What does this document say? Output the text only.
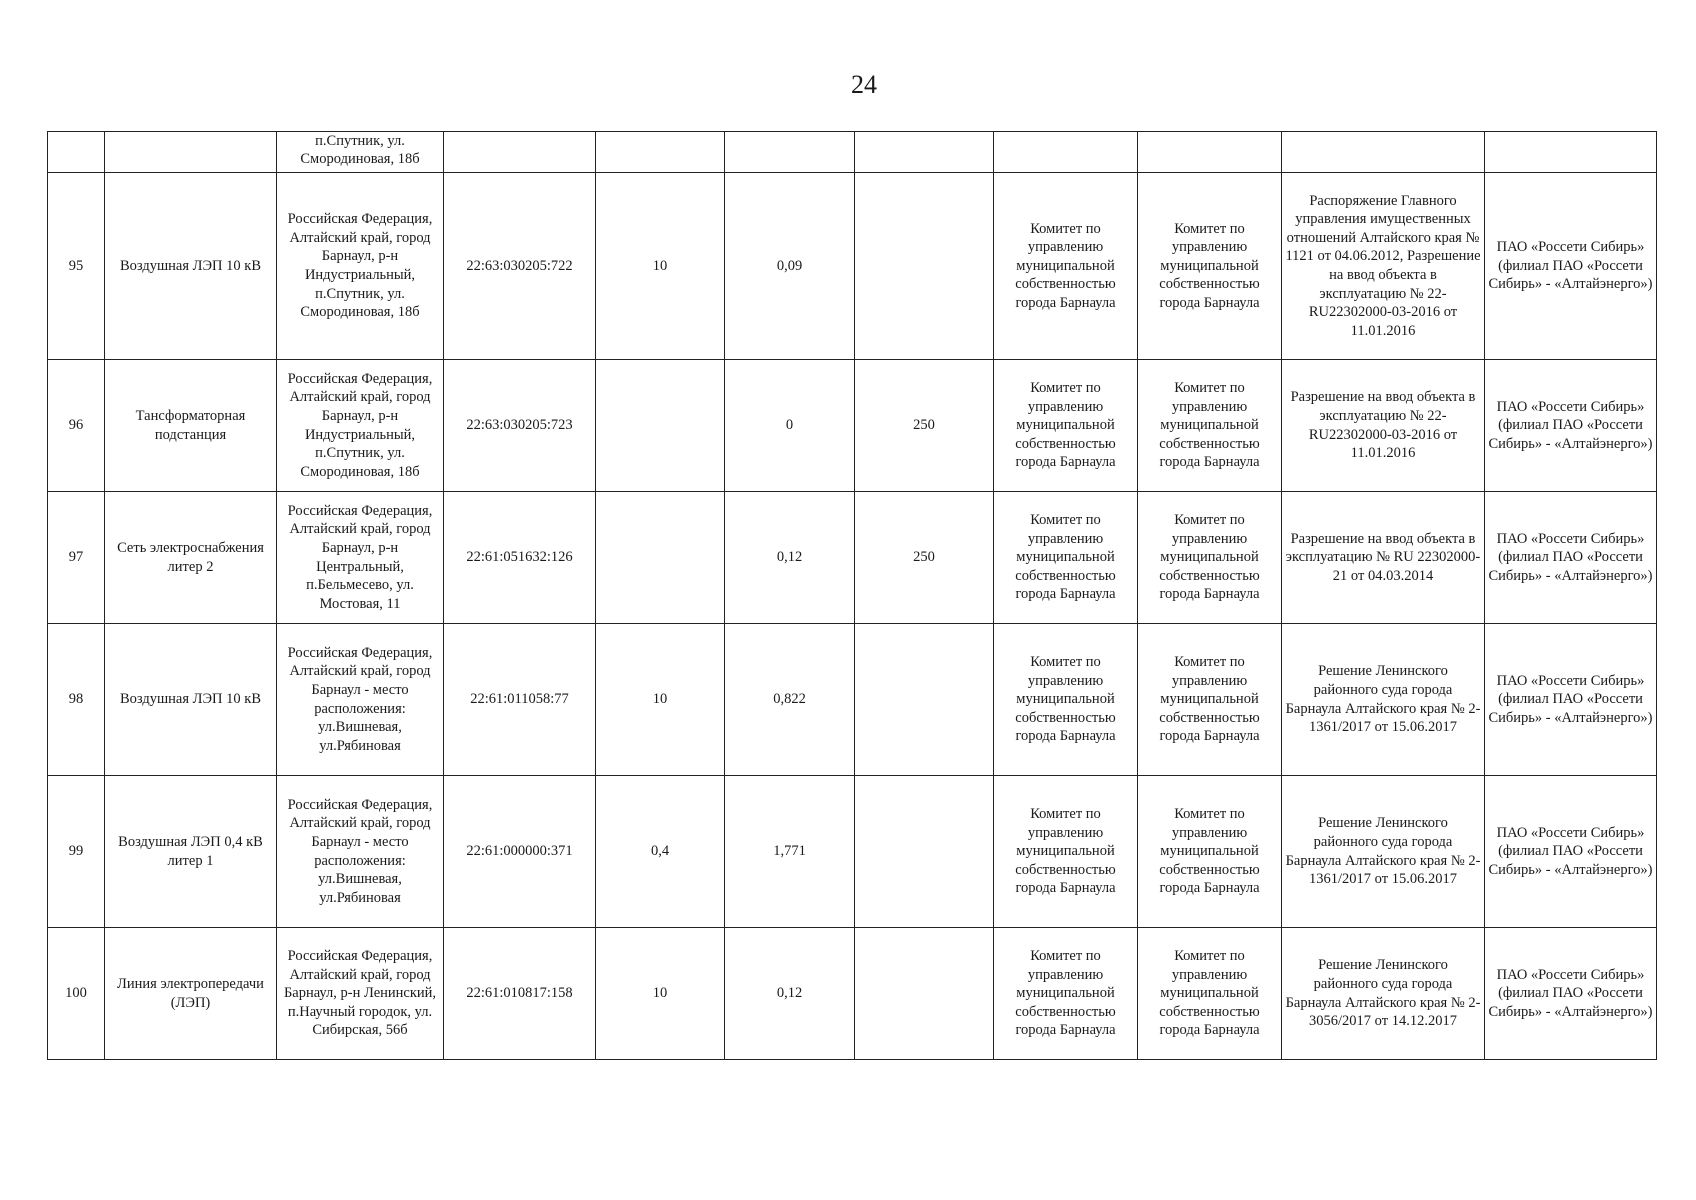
24
		п.Спутник, ул. Смородиновая, 18б								
95	Воздушная ЛЭП 10 кВ	Российская Федерация, Алтайский край, город Барнаул, р-н Индустриальный, п.Спутник, ул. Смородиновая, 18б	22:63:030205:722	10	0,09		Комитет по управлению муниципальной собственностью города Барнаула	Комитет по управлению муниципальной собственностью города Барнаула	Распоряжение Главного управления имущественных отношений Алтайского края № 1121 от 04.06.2012, Разрешение на ввод объекта в эксплуатацию № 22-RU22302000-03-2016 от 11.01.2016	ПАО «Россети Сибирь» (филиал ПАО «Россети Сибирь» - «Алтайэнерго»)
96	Тансформаторная подстанция	Российская Федерация, Алтайский край, город Барнаул, р-н Индустриальный, п.Спутник, ул. Смородиновая, 18б	22:63:030205:723		0	250	Комитет по управлению муниципальной собственностью города Барнаула	Комитет по управлению муниципальной собственностью города Барнаула	Разрешение на ввод объекта в эксплуатацию № 22-RU22302000-03-2016 от 11.01.2016	ПАО «Россети Сибирь» (филиал ПАО «Россети Сибирь» - «Алтайэнерго»)
97	Сеть электроснабжения литер 2	Российская Федерация, Алтайский край, город Барнаул, р-н Центральный, п.Бельмесево, ул. Мостовая, 11	22:61:051632:126		0,12	250	Комитет по управлению муниципальной собственностью города Барнаула	Комитет по управлению муниципальной собственностью города Барнаула	Разрешение на ввод объекта в эксплуатацию № RU 22302000-21 от 04.03.2014	ПАО «Россети Сибирь» (филиал ПАО «Россети Сибирь» - «Алтайэнерго»)
98	Воздушная ЛЭП 10 кВ	Российская Федерация, Алтайский край, город Барнаул - место расположения: ул.Вишневая, ул.Рябиновая	22:61:011058:77	10	0,822		Комитет по управлению муниципальной собственностью города Барнаула	Комитет по управлению муниципальной собственностью города Барнаула	Решение Ленинского районного суда города Барнаула Алтайского края № 2-1361/2017 от 15.06.2017	ПАО «Россети Сибирь» (филиал ПАО «Россети Сибирь» - «Алтайэнерго»)
99	Воздушная ЛЭП 0,4 кВ литер 1	Российская Федерация, Алтайский край, город Барнаул - место расположения: ул.Вишневая, ул.Рябиновая	22:61:000000:371	0,4	1,771		Комитет по управлению муниципальной собственностью города Барнаула	Комитет по управлению муниципальной собственностью города Барнаула	Решение Ленинского районного суда города Барнаула Алтайского края № 2-1361/2017 от 15.06.2017	ПАО «Россети Сибирь» (филиал ПАО «Россети Сибирь» - «Алтайэнерго»)
100	Линия электропередачи (ЛЭП)	Российская Федерация, Алтайский край, город Барнаул, р-н Ленинский, п.Научный городок, ул. Сибирская, 56б	22:61:010817:158	10	0,12		Комитет по управлению муниципальной собственностью города Барнаула	Комитет по управлению муниципальной собственностью города Барнаула	Решение Ленинского районного суда города Барнаула Алтайского края № 2-3056/2017 от 14.12.2017	ПАО «Россети Сибирь» (филиал ПАО «Россети Сибирь» - «Алтайэнерго»)
